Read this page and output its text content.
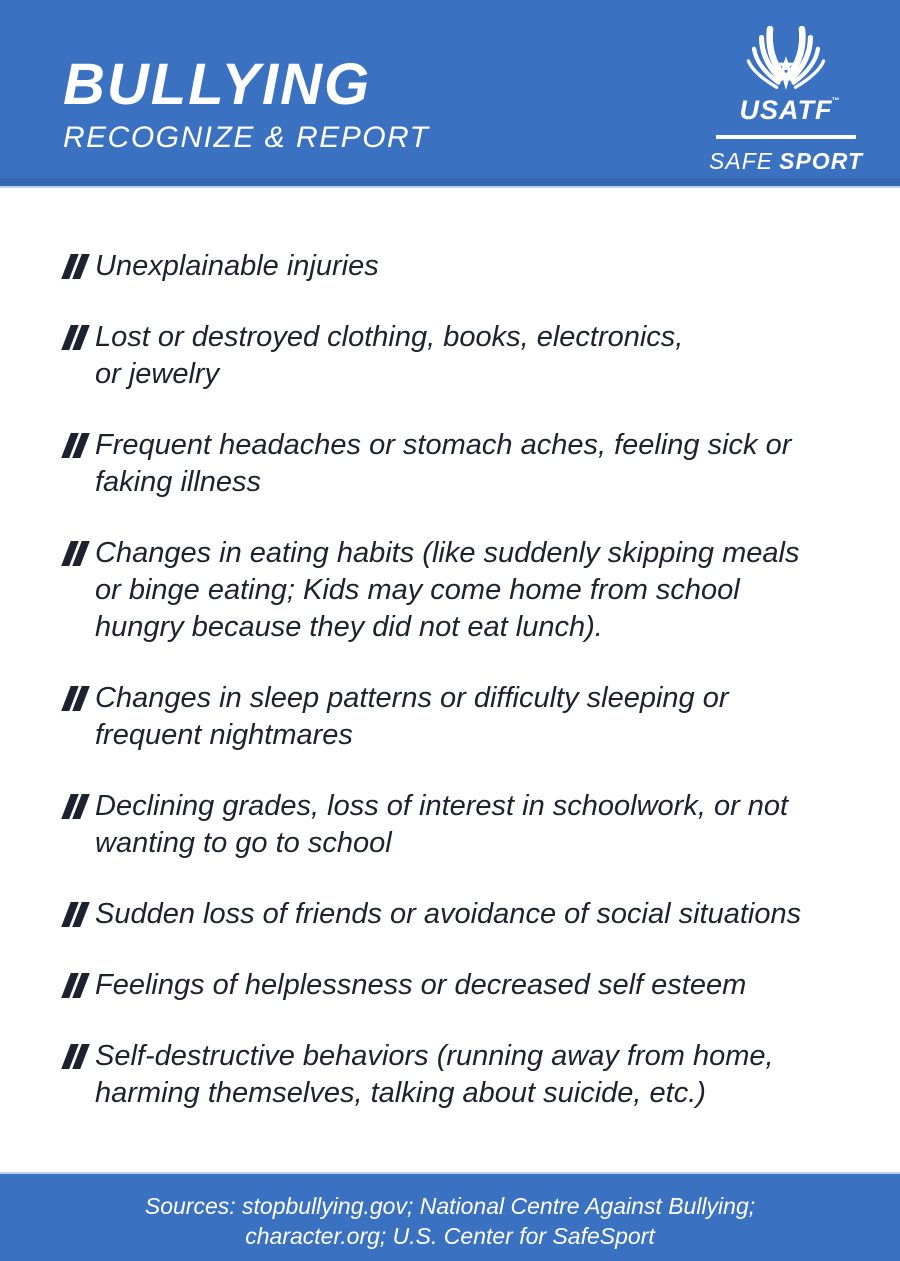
BULLYING
RECOGNIZE & REPORT
USATF ™
SAFE SPORT
Unexplainable injuries
Lost or destroyed clothing, books, electronics,
or jewelry
Frequent headaches or stomach aches, feeling sick or
faking illness
Changes in eating habits (like suddenly skipping meals
or binge eating; Kids may come home from school
hungry because they did not eat lunch).
Changes in sleep patterns or difficulty sleeping or
frequent nightmares
Declining grades, loss of interest in schoolwork, or not
wanting to go to school
Sudden loss of friends or avoidance of social situations
Feelings of helplessness or decreased self esteem
Self-destructive behaviors (running away from home,
harming themselves, talking about suicide, etc.)
Sources: stopbullying.gov; National Centre Against Bullying;
character.org; U.S. Center for SafeSport
